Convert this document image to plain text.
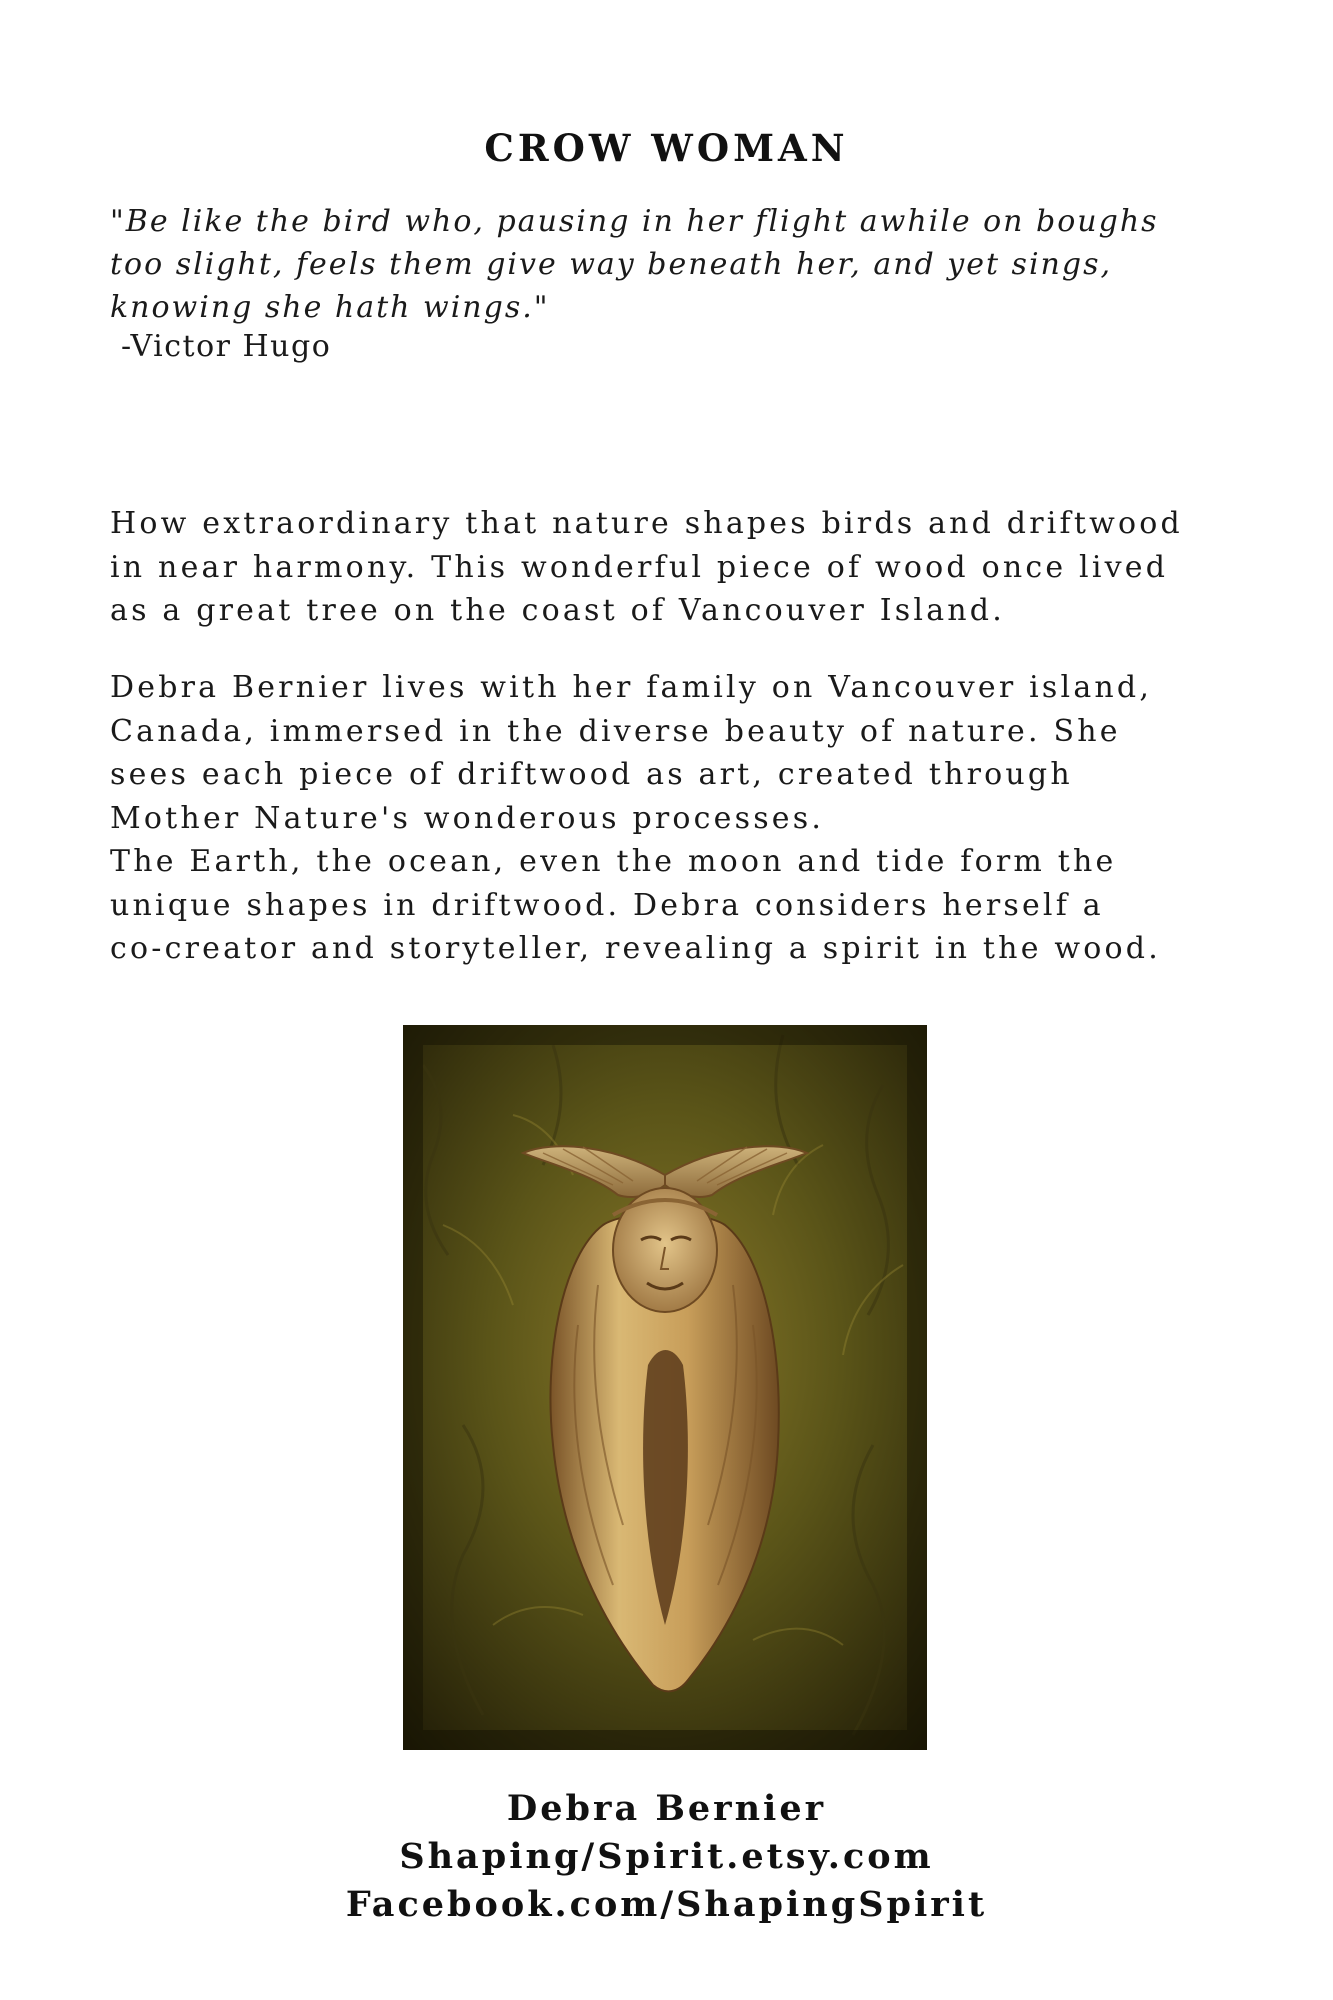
CROW WOMAN
"Be like the bird who, pausing in her flight awhile on boughs
too slight, feels them give way beneath her, and yet sings,
knowing she hath wings."
-Victor Hugo
How extraordinary that nature shapes birds and driftwood
in near harmony. This wonderful piece of wood once lived
as a great tree on the coast of Vancouver Island.
Debra Bernier lives with her family on Vancouver island,
Canada, immersed in the diverse beauty of nature. She
sees each piece of driftwood as art, created through
Mother Nature's wonderous processes.
The Earth, the ocean, even the moon and tide form the
unique shapes in driftwood. Debra considers herself a
co-creator and storyteller, revealing a spirit in the wood.
Debra Bernier
Shaping/Spirit.etsy.com
Facebook.com/ShapingSpirit
